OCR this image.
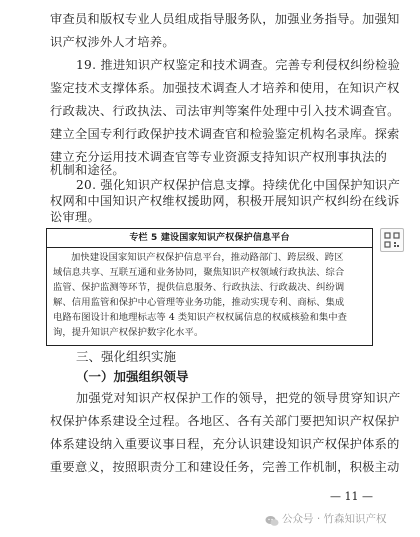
审查员和版权专业人员组成指导服务队，加强业务指导。加强知
识产权涉外人才培养。
19. 推进知识产权鉴定和技术调查。完善专利侵权纠纷检验
鉴定技术支撑体系。加强技术调查人才培养和使用，在知识产权
行政裁决、行政执法、司法审判等案件处理中引入技术调查官。
建立全国专利行政保护技术调查官和检验鉴定机构名录库。探索
建立充分运用技术调查官等专业资源支持知识产权刑事执法的
机制和途径。
20. 强化知识产权保护信息支撑。持续优化中国保护知识产
权网和中国知识产权维权援助网，积极开展知识产权纠纷在线诉
讼审理。
专栏 5 建设国家知识产权保护信息平台
加快建设国家知识产权保护信息平台，推动路部门、跨层级、跨区
域信息共享、互联互通和业务协同，聚焦知识产权领域行政执法、综合
监管、保护监测等环节，提供信息服务、行政执法、行政裁决、纠纷调
解、信用监管和保护中心管理等业务功能，推动实现专利、商标、集成
电路布图设计和地理标志等 4 类知识产权权属信息的权威核验和集中查
询，提升知识产权保护数字化水平。
三、强化组织实施
（一）加强组织领导
加强党对知识产权保护工作的领导，把党的领导贯穿知识产
权保护体系建设全过程。各地区、各有关部门要把知识产权保护
体系建设纳入重要议事日程，充分认识建设知识产权保护体系的
重要意义，按照职责分工和建设任务，完善工作机制，积极主动
— 11 —
公众号 · 竹森知识产权
